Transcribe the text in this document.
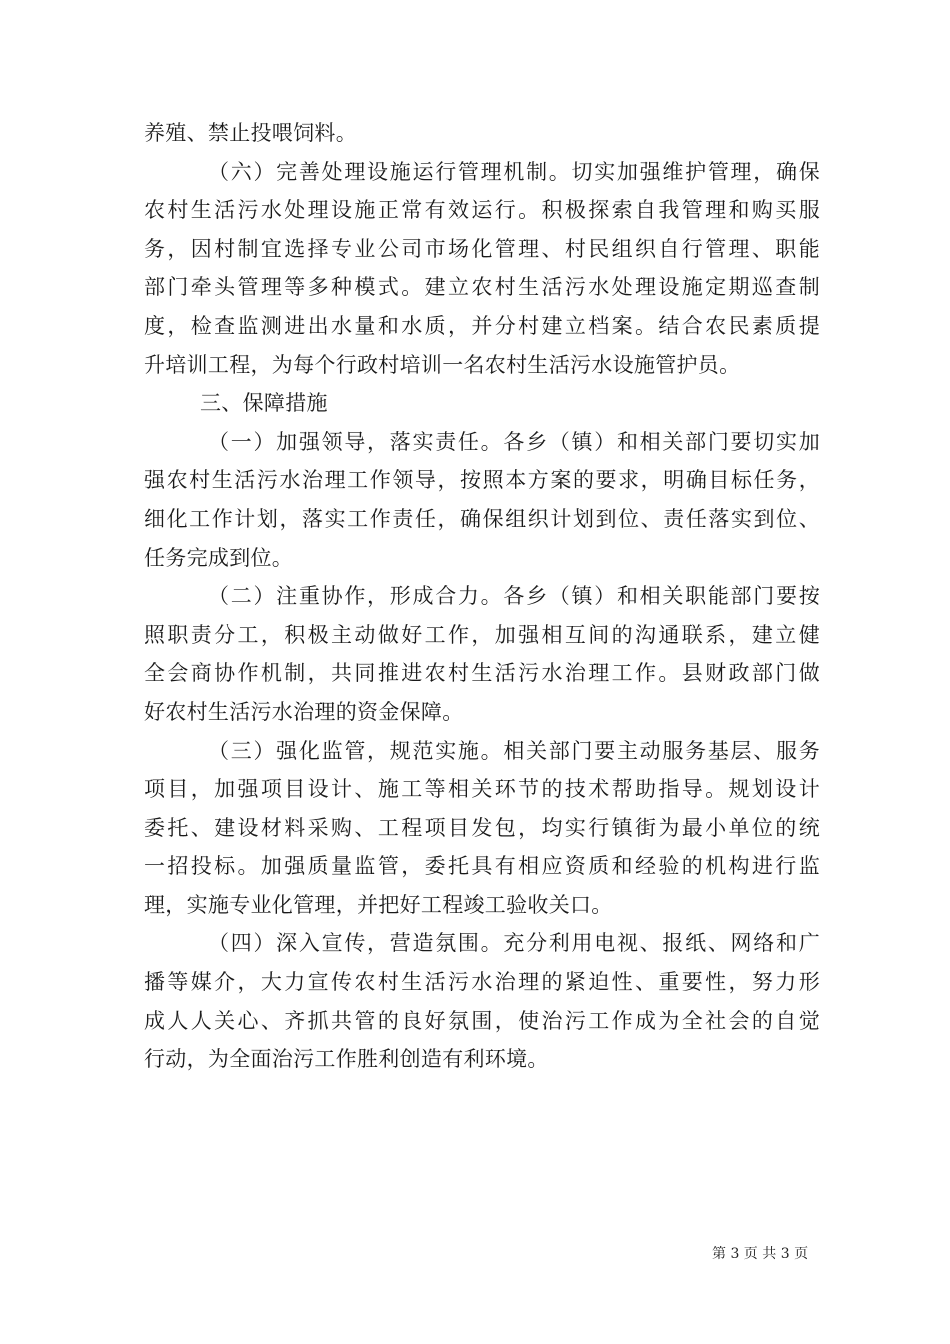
养殖、禁止投喂饲料。
（六）完善处理设施运行管理机制。切实加强维护管理，确保
农村生活污水处理设施正常有效运行。积极探索自我管理和购买服
务，因村制宜选择专业公司市场化管理、村民组织自行管理、职能
部门牵头管理等多种模式。建立农村生活污水处理设施定期巡查制
度，检查监测进出水量和水质，并分村建立档案。结合农民素质提
升培训工程，为每个行政村培训一名农村生活污水设施管护员。
三、保障措施
（一）加强领导，落实责任。各乡（镇）和相关部门要切实加
强农村生活污水治理工作领导，按照本方案的要求，明确目标任务，
细化工作计划，落实工作责任，确保组织计划到位、责任落实到位、
任务完成到位。
（二）注重协作，形成合力。各乡（镇）和相关职能部门要按
照职责分工，积极主动做好工作，加强相互间的沟通联系，建立健
全会商协作机制，共同推进农村生活污水治理工作。县财政部门做
好农村生活污水治理的资金保障。
（三）强化监管，规范实施。相关部门要主动服务基层、服务
项目，加强项目设计、施工等相关环节的技术帮助指导。规划设计
委托、建设材料采购、工程项目发包，均实行镇街为最小单位的统
一招投标。加强质量监管，委托具有相应资质和经验的机构进行监
理，实施专业化管理，并把好工程竣工验收关口。
（四）深入宣传，营造氛围。充分利用电视、报纸、网络和广
播等媒介，大力宣传农村生活污水治理的紧迫性、重要性，努力形
成人人关心、齐抓共管的良好氛围，使治污工作成为全社会的自觉
行动，为全面治污工作胜利创造有利环境。
第 3 页 共 3 页
